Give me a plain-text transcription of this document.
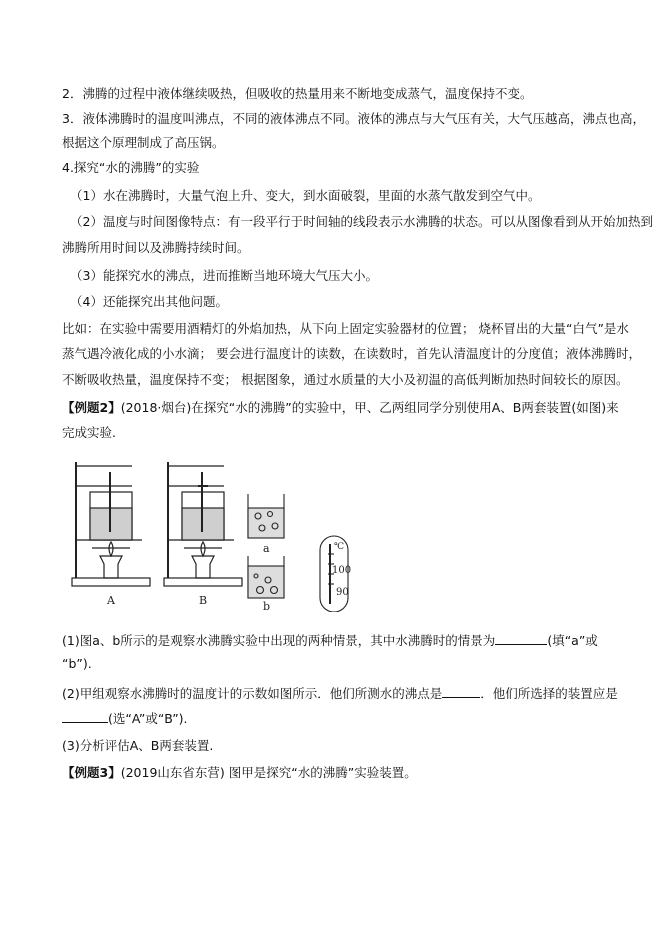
2．沸腾的过程中液体继续吸热，但吸收的热量用来不断地变成蒸气，温度保持不变。
3．液体沸腾时的温度叫沸点，不同的液体沸点不同。液体的沸点与大气压有关，大气压越高，沸点也高，
根据这个原理制成了高压锅。
4.探究“水的沸腾”的实验
（1）水在沸腾时，大量气泡上升、变大，到水面破裂，里面的水蒸气散发到空气中。
（2）温度与时间图像特点：有一段平行于时间轴的线段表示水沸腾的状态。可以从图像看到从开始加热到
沸腾所用时间以及沸腾持续时间。
（3）能探究水的沸点，进而推断当地环境大气压大小。
（4）还能探究出其他问题。
比如：在实验中需要用酒精灯的外焰加热，从下向上固定实验器材的位置； 烧杯冒出的大量“白气”是水
蒸气遇冷液化成的小水滴； 要会进行温度计的读数，在读数时，首先认清温度计的分度值；液体沸腾时，
不断吸收热量，温度保持不变； 根据图象，通过水质量的大小及初温的高低判断加热时间较长的原因。
【例题2】(2018·烟台)在探究“水的沸腾”的实验中，甲、乙两组同学分别使用A、B两套装置(如图)来
完成实验.
A	B
a
b
℃
100
90
(1)图a、b所示的是观察水沸腾实验中出现的两种情景，其中水沸腾时的情景为	(填“a”或
“b”).
(2)甲组观察水沸腾时的温度计的示数如图所示．他们所测水的沸点是	．他们所选择的装置应是
(选“A”或“B”).
(3)分析评估A、B两套装置.
【例题3】(2019山东省东营) 图甲是探究“水的沸腾”实验装置。
